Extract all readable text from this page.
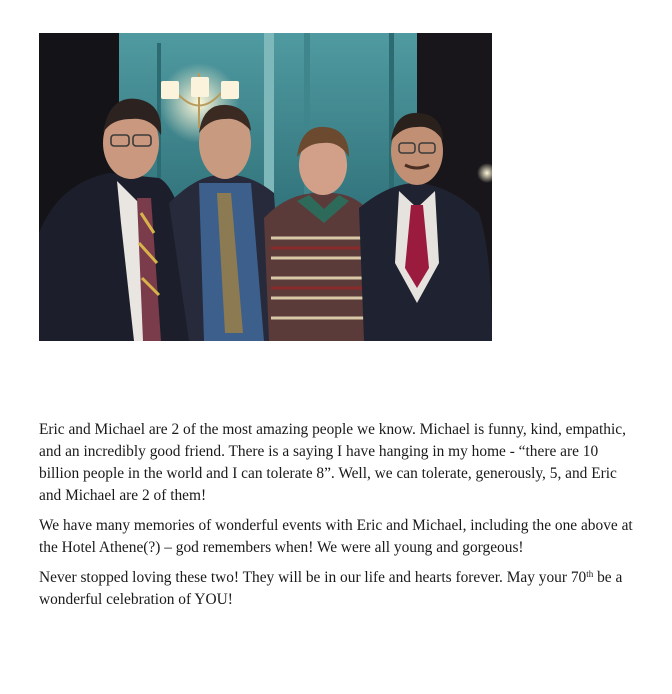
Eric and Michael are 2 of the most amazing people we know. Michael is funny, kind, empathic, and an incredibly good friend. There is a saying I have hanging in my home - “there are 10 billion people in the world and I can tolerate 8”. Well, we can tolerate, generously, 5, and Eric and Michael are 2 of them!

We have many memories of wonderful events with Eric and Michael, including the one above at the Hotel Athene(?) – god remembers when! We were all young and gorgeous!

Never stopped loving these two! They will be in our life and hearts forever. May your 70th be a wonderful celebration of YOU!
